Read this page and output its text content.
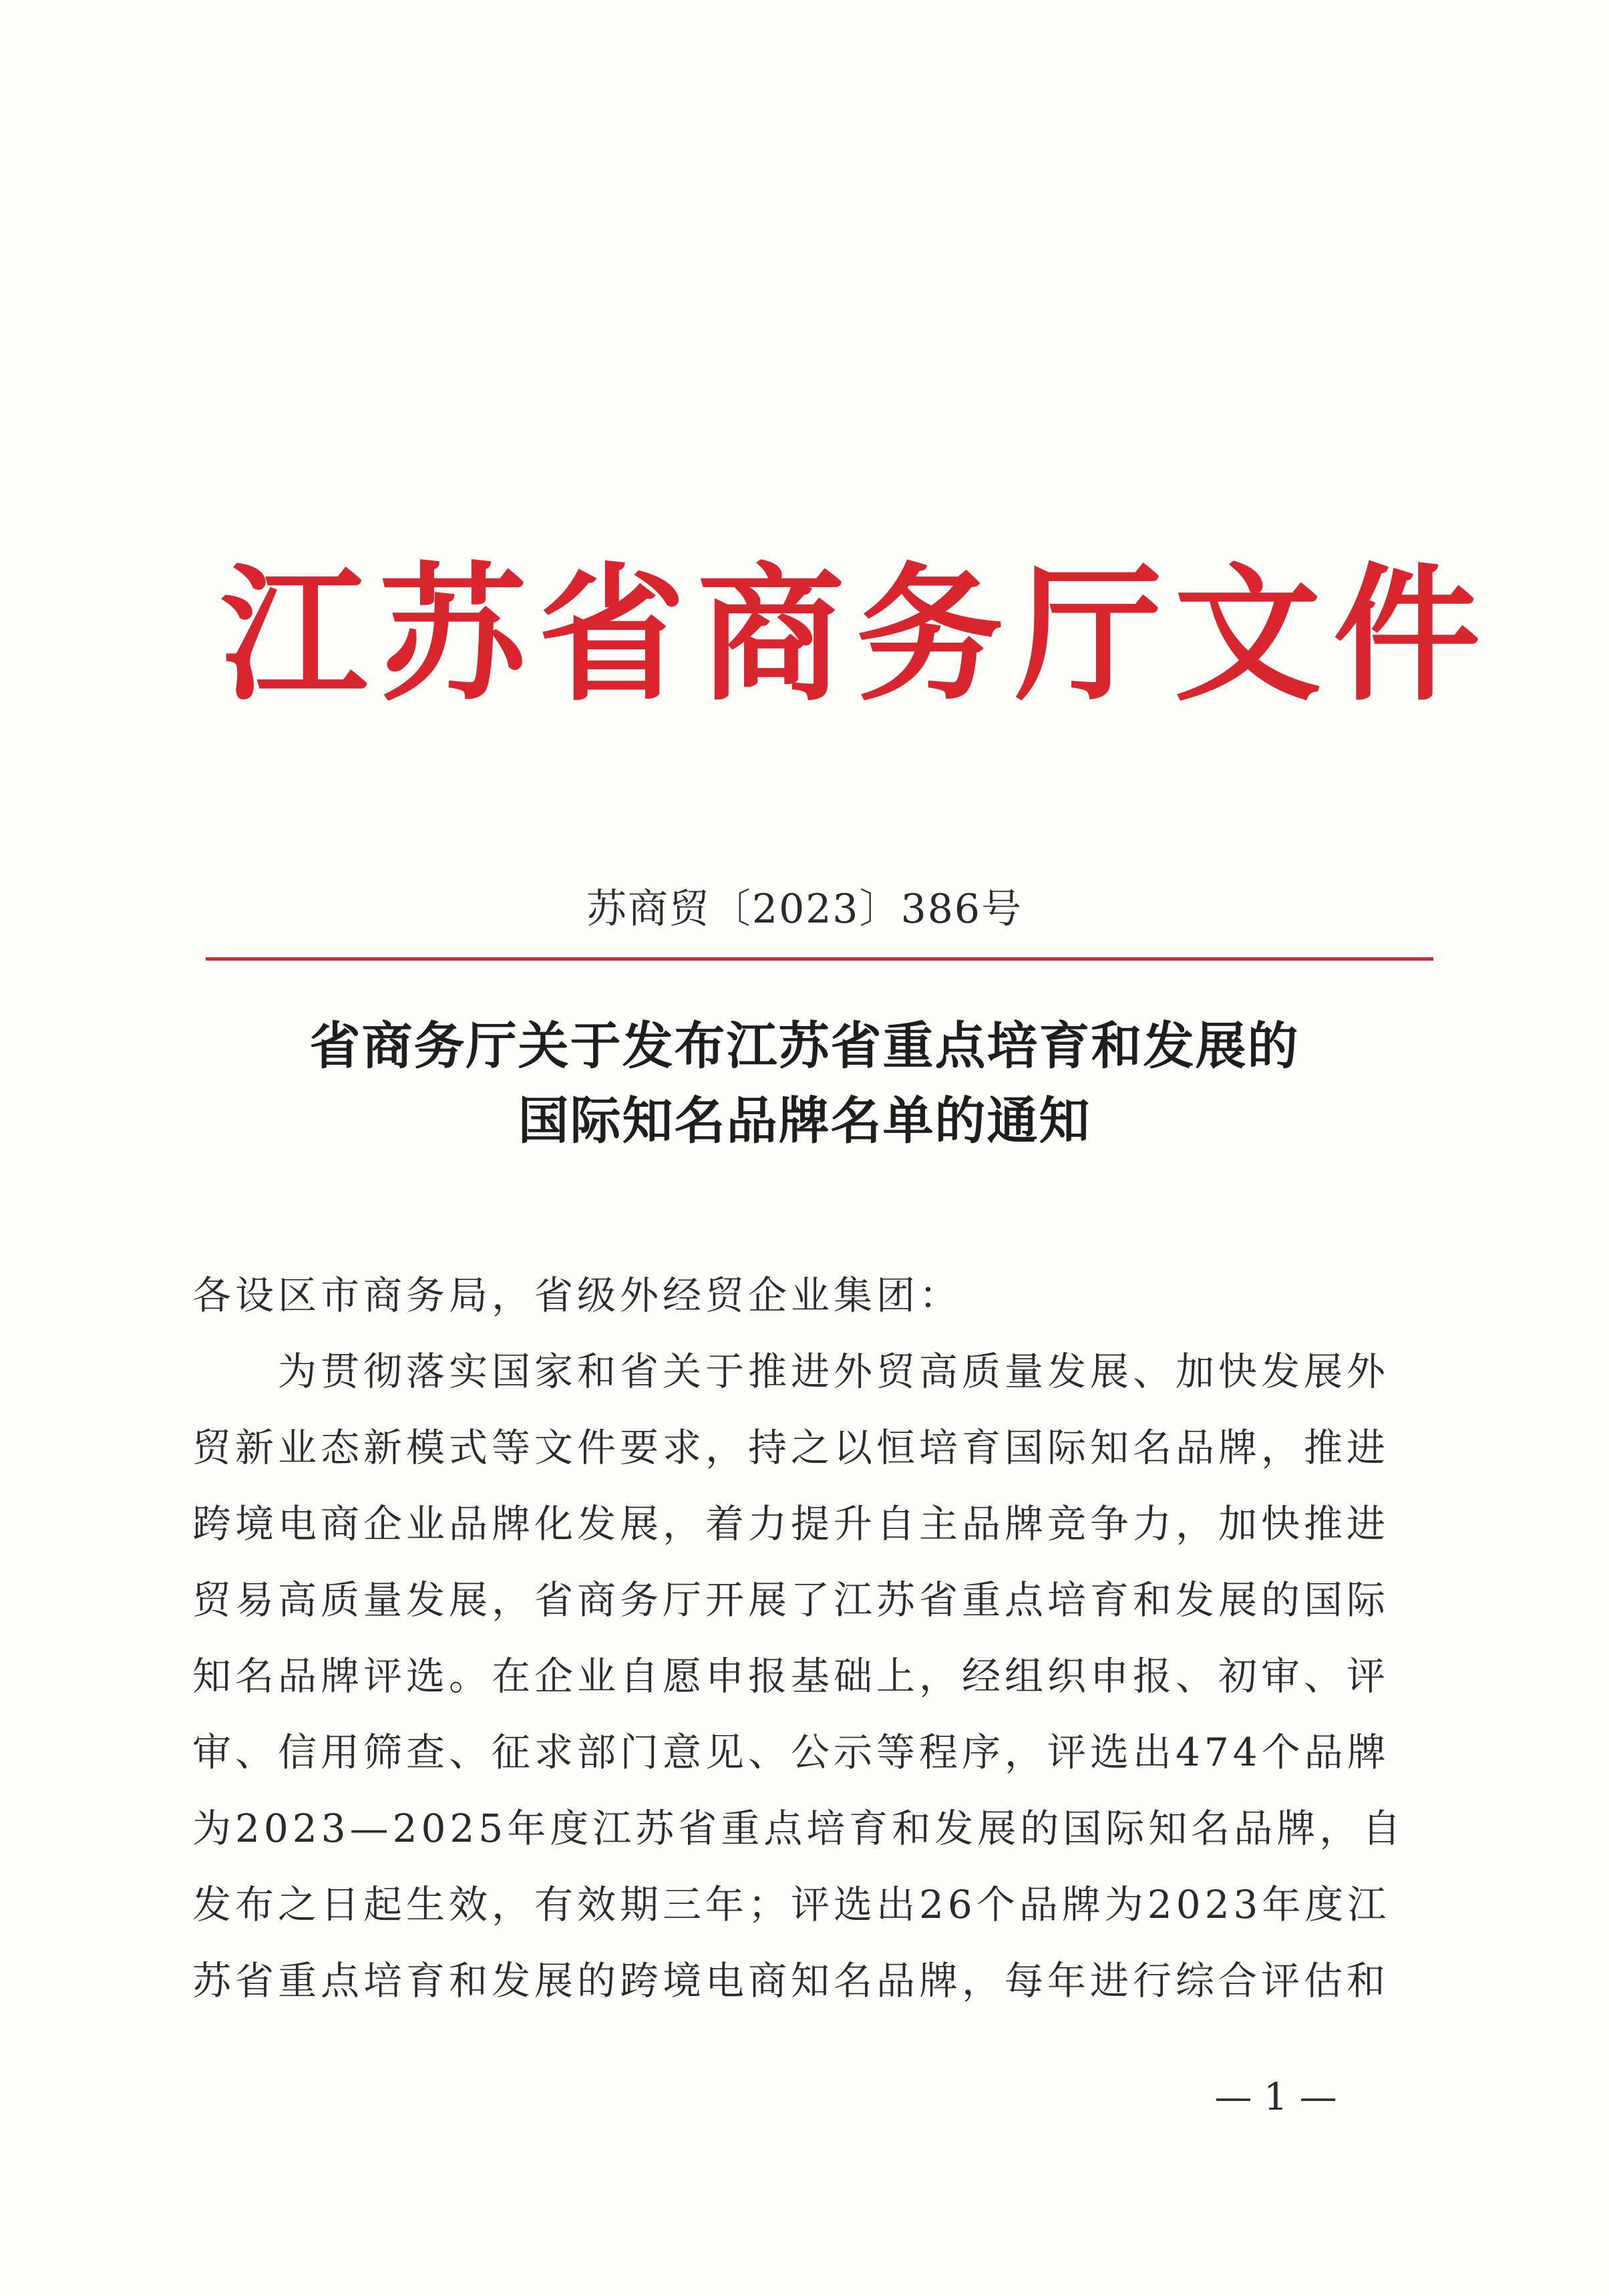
江苏省商务厅文件
苏商贸〔2023〕386号
省商务厅关于发布江苏省重点培育和发展的
国际知名品牌名单的通知
各设区市商务局，省级外经贸企业集团：
　　为贯彻落实国家和省关于推进外贸高质量发展、加快发展外
贸新业态新模式等文件要求，持之以恒培育国际知名品牌，推进
跨境电商企业品牌化发展，着力提升自主品牌竞争力，加快推进
贸易高质量发展，省商务厅开展了江苏省重点培育和发展的国际
知名品牌评选。在企业自愿申报基础上，经组织申报、初审、评
审、信用筛查、征求部门意见、公示等程序，评选出474个品牌
为2023—2025年度江苏省重点培育和发展的国际知名品牌，自
发布之日起生效，有效期三年；评选出26个品牌为2023年度江
苏省重点培育和发展的跨境电商知名品牌，每年进行综合评估和
— 1 —
